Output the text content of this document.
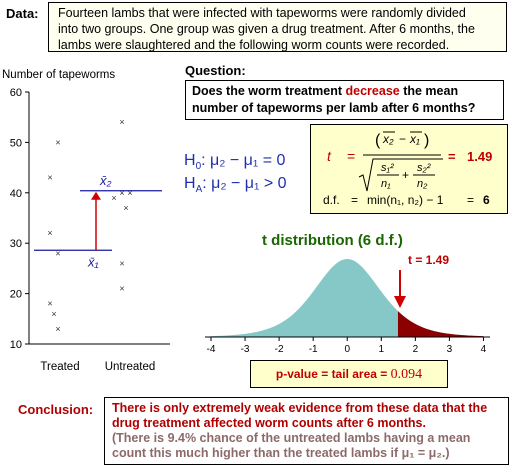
Data: Fourteen lambs that were infected with tapeworms were randomly divided
into two groups. One group was given a drug treatment. After 6 months, the
lambs were slaughtered and the following worm counts were recorded.
Number of tapeworms
10
20
30
40
50
60
×
×
×
×
×
×
×
×
×
×
×
×
×
×
x̄₂
x̄₁
Treated Untreated
Question:
Does the worm treatment decrease the mean
number of tapeworms per lamb after 6 months?
$H_0$: μ₂ − μ₁ = 0
$H_A$: μ₂ − μ₁ > 0
t =
( x₂ − x₁ )
s₁²
n₁
+ s₂²
n₂
= 1.49
d.f. = min(n₁, n₂) − 1 = 6
t distribution (6 d.f.)
-4	-3	-2	-1	0	1	2	3	4
t = 1.49
p-value = tail area = 0.094
Conclusion: There is only extremely weak evidence from these data that the
drug treatment affected worm counts after 6 months.
(There is 9.4% chance of the untreated lambs having a mean
count this much higher than the treated lambs if μ₁ = μ₂.)
